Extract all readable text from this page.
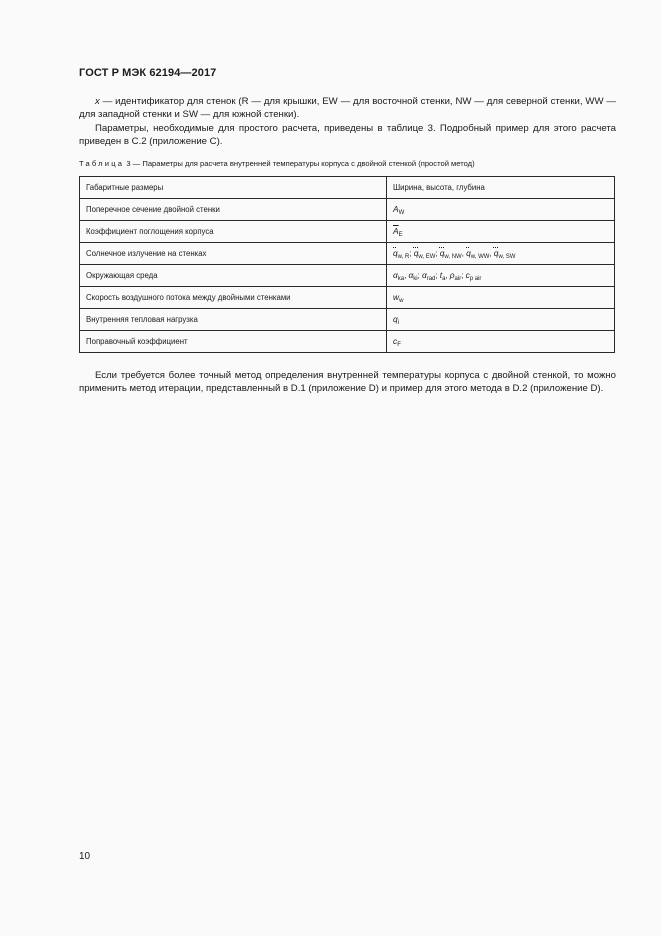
ГОСТ Р МЭК 62194—2017
x — идентификатор для стенок (R — для крышки, EW — для восточной стенки, NW — для северной стенки, WW — для западной стенки и SW — для южной стенки).
Параметры, необходимые для простого расчета, приведены в таблице 3. Подробный пример для этого расчета приведен в С.2 (приложение С).
Таблица 3 — Параметры для расчета внутренней температуры корпуса с двойной стенкой (простой метод)
Габаритные размеры	Ширина, высота, глубина
Поперечное сечение двойной стенки	$A_W$
Коэффициент поглощения корпуса	$\overline{A}_E$
Солнечное излучение на стенках	$q_{w, R}$; $q_{w, EW}$; $q_{w, NW}$, $q_{w, WW}$, $q_{w, SW}$
Окружающая среда	$\alpha_{ka}$, $\alpha_{ki}$; $\alpha_{rad}$; $t_a$, $\rho_{air}$; $c_{p air}$
Скорость воздушного потока между двойными стенками	$w_w$
Внутренняя тепловая нагрузка	$q_i$
Поправочный коэффициент	$c_F$
Если требуется более точный метод определения внутренней температуры корпуса с двойной стенкой, то можно применить метод итерации, представленный в D.1 (приложение D) и пример для этого метода в D.2 (приложение D).
10
